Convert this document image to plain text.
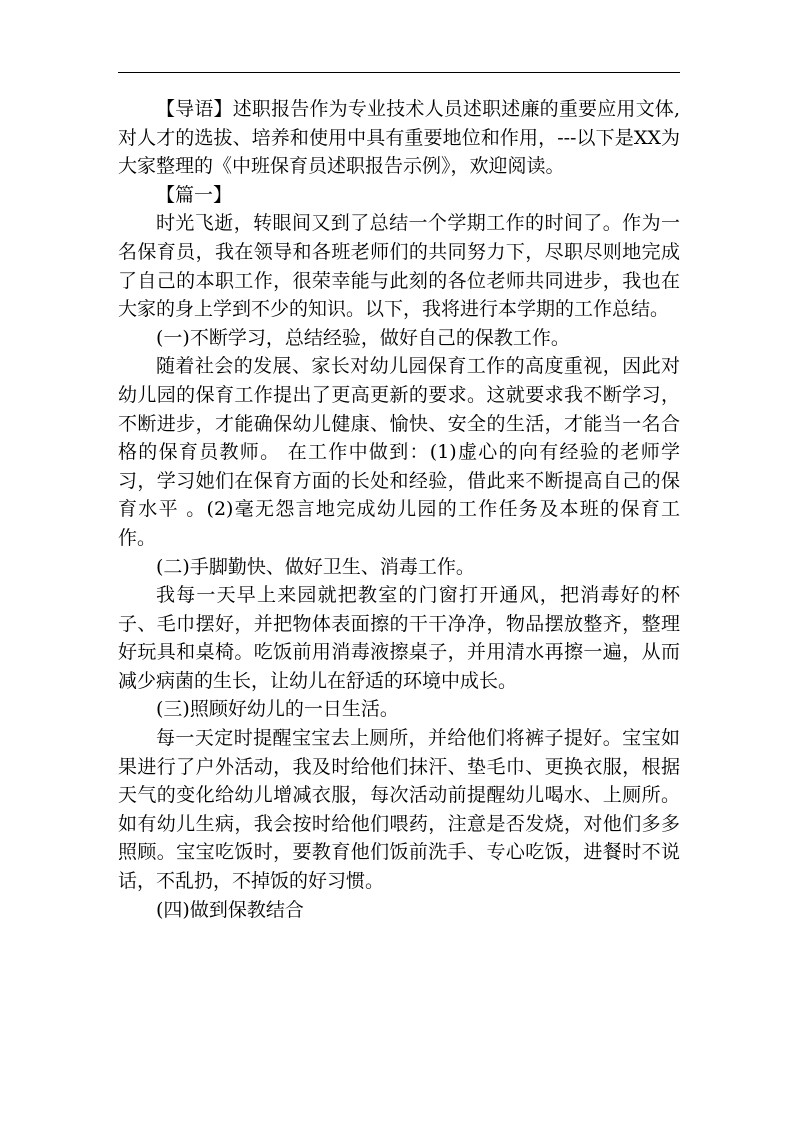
【导语】述职报告作为专业技术人员述职述廉的重要应用文体,对人才的选拔、培养和使用中具有重要地位和作用，---以下是XX为大家整理的《中班保育员述职报告示例》，欢迎阅读。

【篇一】

时光飞逝，转眼间又到了总结一个学期工作的时间了。作为一名保育员，我在领导和各班老师们的共同努力下，尽职尽则地完成了自己的本职工作，很荣幸能与此刻的各位老师共同进步，我也在大家的身上学到不少的知识。以下，我将进行本学期的工作总结。

(一)不断学习，总结经验，做好自己的保教工作。

随着社会的发展、家长对幼儿园保育工作的高度重视，因此对幼儿园的保育工作提出了更高更新的要求。这就要求我不断学习，不断进步，才能确保幼儿健康、愉快、安全的生活，才能当一名合格的保育员教师。 在工作中做到：(1)虚心的向有经验的老师学习，学习她们在保育方面的长处和经验，借此来不断提高自己的保育水平 。(2)毫无怨言地完成幼儿园的工作任务及本班的保育工作。

(二)手脚勤快、做好卫生、消毒工作。

我每一天早上来园就把教室的门窗打开通风，把消毒好的杯子、毛巾摆好，并把物体表面擦的干干净净，物品摆放整齐，整理好玩具和桌椅。吃饭前用消毒液擦桌子，并用清水再擦一遍，从而减少病菌的生长，让幼儿在舒适的环境中成长。

(三)照顾好幼儿的一日生活。

每一天定时提醒宝宝去上厕所，并给他们将裤子提好。宝宝如果进行了户外活动，我及时给他们抹汗、垫毛巾、更换衣服，根据天气的变化给幼儿增减衣服，每次活动前提醒幼儿喝水、上厕所。如有幼儿生病，我会按时给他们喂药，注意是否发烧，对他们多多照顾。宝宝吃饭时，要教育他们饭前洗手、专心吃饭，进餐时不说话，不乱扔，不掉饭的好习惯。

(四)做到保教结合
